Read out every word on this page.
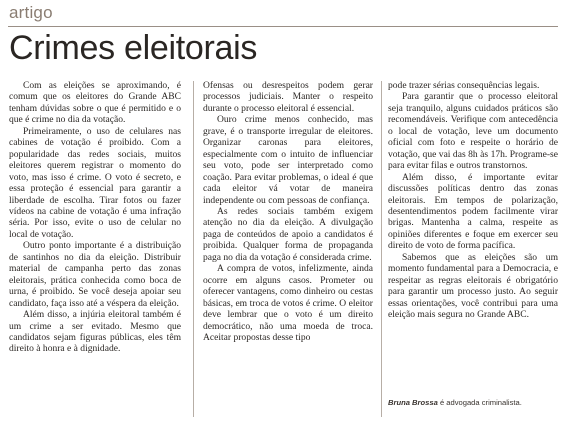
artigo
Crimes eleitorais

Com as eleições se aproximando, é comum que os eleitores do Grande ABC tenham dúvidas sobre o que é permitido e o que é crime no dia da votação.

Primeiramente, o uso de celulares nas cabines de votação é proibido. Com a popularidade das redes sociais, muitos eleitores querem registrar o momento do voto, mas isso é crime. O voto é secreto, e essa proteção é essencial para garantir a liberdade de escolha. Tirar fotos ou fazer vídeos na cabine de votação é uma infração séria. Por isso, evite o uso de celular no local de votação.

Outro ponto importante é a distribuição de santinhos no dia da eleição. Distribuir material de campanha perto das zonas eleitorais, prática conhecida como boca de urna, é proibido. Se você deseja apoiar seu candidato, faça isso até a véspera da eleição.

Além disso, a injúria eleitoral também é um crime a ser evitado. Mesmo que candidatos sejam figuras públicas, eles têm direito à honra e à dignidade.

Ofensas ou desrespeitos podem gerar processos judiciais. Manter o respeito durante o processo eleitoral é essencial.

Ouro crime menos conhecido, mas grave, é o transporte irregular de eleitores. Organizar caronas para eleitores, especialmente com o intuito de influenciar seu voto, pode ser interpretado como coação. Para evitar problemas, o ideal é que cada eleitor vá votar de maneira independente ou com pessoas de confiança.

As redes sociais também exigem atenção no dia da eleição. A divulgação paga de conteúdos de apoio a candidatos é proibida. Qualquer forma de propaganda paga no dia da votação é considerada crime.

A compra de votos, infelizmente, ainda ocorre em alguns casos. Prometer ou oferecer vantagens, como dinheiro ou cestas básicas, em troca de votos é crime. O eleitor deve lembrar que o voto é um direito democrático, não uma moeda de troca. Aceitar propostas desse tipo

pode trazer sérias consequências legais.

Para garantir que o processo eleitoral seja tranquilo, alguns cuidados práticos são recomendáveis. Verifique com antecedência o local de votação, leve um documento oficial com foto e respeite o horário de votação, que vai das 8h às 17h. Programe-se para evitar filas e outros transtornos.

Além disso, é importante evitar discussões políticas dentro das zonas eleitorais. Em tempos de polarização, desentendimentos podem facilmente virar brigas. Mantenha a calma, respeite as opiniões diferentes e foque em exercer seu direito de voto de forma pacífica.

Sabemos que as eleições são um momento fundamental para a Democracia, e respeitar as regras eleitorais é obrigatório para garantir um processo justo. Ao seguir essas orientações, você contribui para uma eleição mais segura no Grande ABC.

Bruna Brossa é advogada criminalista.
